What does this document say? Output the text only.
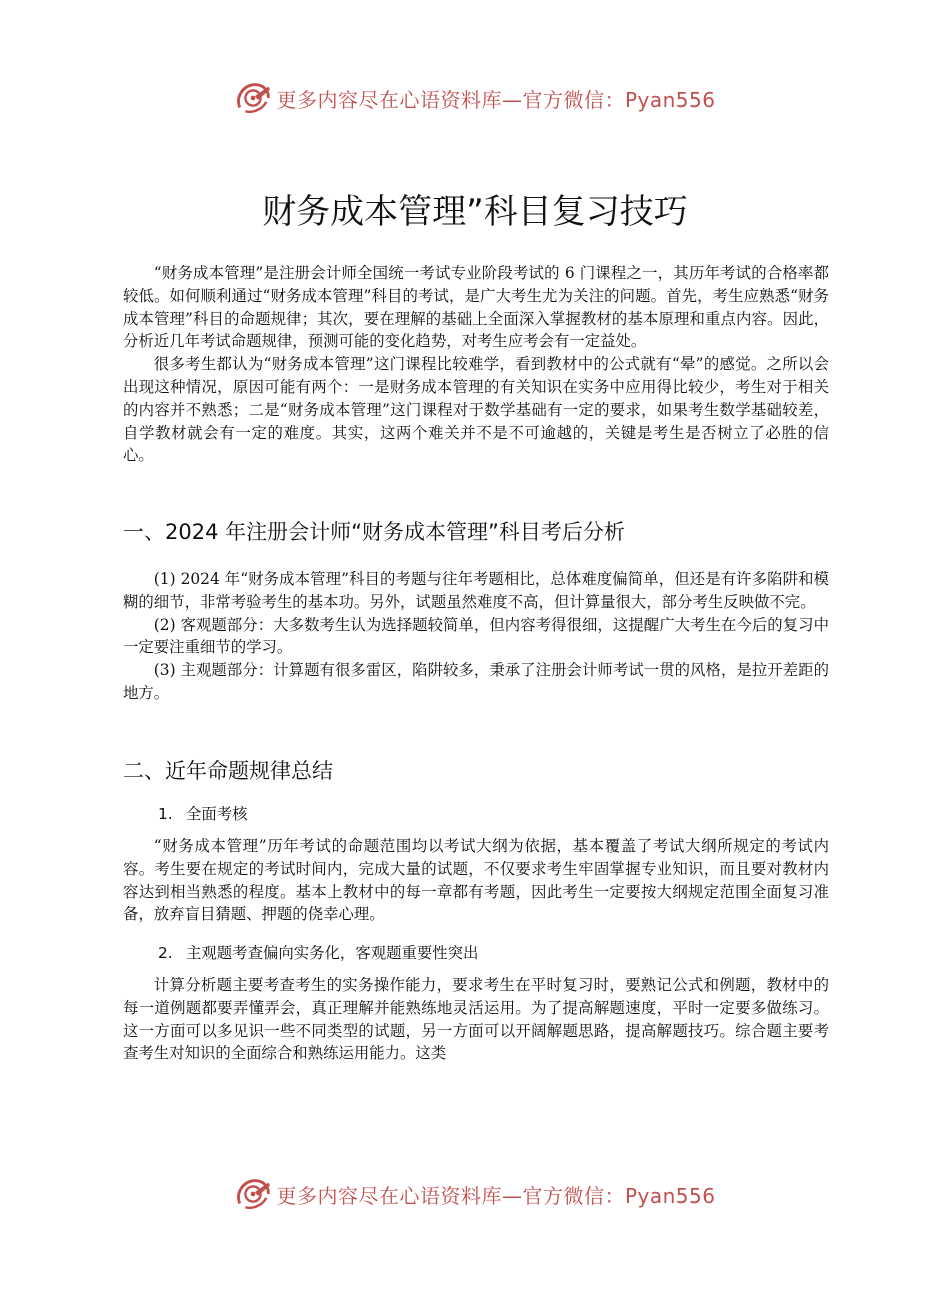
更多内容尽在心语资料库—官方微信：Pyan556
财务成本管理”科目复习技巧

“财务成本管理”是注册会计师全国统一考试专业阶段考试的 6 门课程之一，其历年考试的合格率都较低。如何顺利通过“财务成本管理”科目的考试，是广大考生尤为关注的问题。首先，考生应熟悉“财务成本管理”科目的命题规律；其次，要在理解的基础上全面深入掌握教材的基本原理和重点内容。因此，分析近几年考试命题规律，预测可能的变化趋势，对考生应考会有一定益处。

很多考生都认为“财务成本管理”这门课程比较难学，看到教材中的公式就有“晕”的感觉。之所以会出现这种情况，原因可能有两个：一是财务成本管理的有关知识在实务中应用得比较少，考生对于相关的内容并不熟悉；二是“财务成本管理”这门课程对于数学基础有一定的要求，如果考生数学基础较差，自学教材就会有一定的难度。其实，这两个难关并不是不可逾越的，关键是考生是否树立了必胜的信心。

一、2024 年注册会计师“财务成本管理”科目考后分析

(1) 2024 年“财务成本管理”科目的考题与往年考题相比，总体难度偏简单，但还是有许多陷阱和模糊的细节，非常考验考生的基本功。另外，试题虽然难度不高，但计算量很大，部分考生反映做不完。

(2) 客观题部分：大多数考生认为选择题较简单，但内容考得很细，这提醒广大考生在今后的复习中一定要注重细节的学习。

(3) 主观题部分：计算题有很多雷区，陷阱较多，秉承了注册会计师考试一贯的风格，是拉开差距的地方。

二、近年命题规律总结
1. 全面考核

“财务成本管理”历年考试的命题范围均以考试大纲为依据，基本覆盖了考试大纲所规定的考试内容。考生要在规定的考试时间内，完成大量的试题，不仅要求考生牢固掌握专业知识，而且要对教材内容达到相当熟悉的程度。基本上教材中的每一章都有考题，因此考生一定要按大纲规定范围全面复习准备，放弃盲目猜题、押题的侥幸心理。

2. 主观题考查偏向实务化，客观题重要性突出

计算分析题主要考查考生的实务操作能力，要求考生在平时复习时，要熟记公式和例题，教材中的每一道例题都要弄懂弄会，真正理解并能熟练地灵活运用。为了提高解题速度，平时一定要多做练习。这一方面可以多见识一些不同类型的试题，另一方面可以开阔解题思路，提高解题技巧。综合题主要考查考生对知识的全面综合和熟练运用能力。这类

更多内容尽在心语资料库—官方微信：Pyan556
